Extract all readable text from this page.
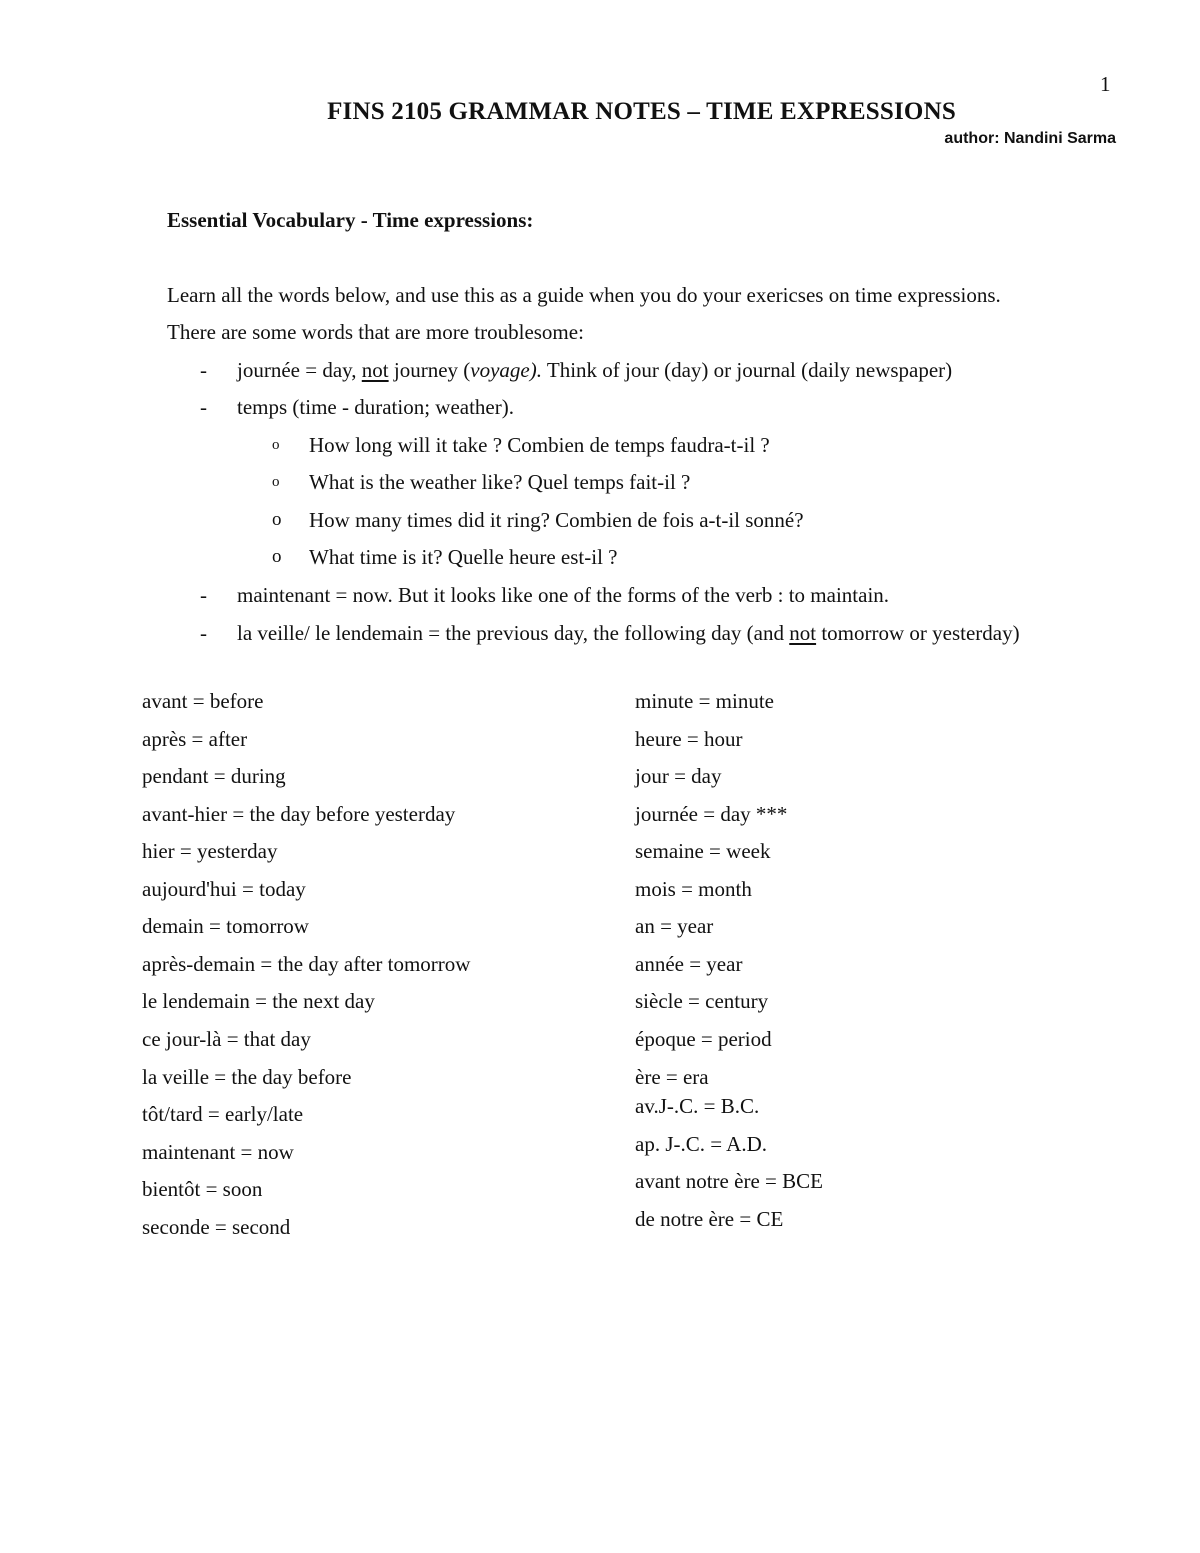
1
FINS 2105 GRAMMAR NOTES – TIME EXPRESSIONS
author: Nandini Sarma
Essential Vocabulary - Time expressions:
Learn all the words below, and use this as a guide when you do your exericses on time expressions.
There are some words that are more troublesome:
- journée = day, not journey (voyage). Think of jour (day) or journal (daily newspaper)
- temps (time - duration; weather).
o How long will it take ? Combien de temps faudra-t-il ?
o What is the weather like? Quel temps fait-il ?
o How many times did it ring? Combien de fois a-t-il sonné?
o What time is it? Quelle heure est-il ?
- maintenant = now. But it looks like one of the forms of the verb : to maintain.
- la veille/ le lendemain = the previous day, the following day (and not tomorrow or yesterday)
avant = before
après = after
pendant = during
avant-hier = the day before yesterday
hier = yesterday
aujourd'hui = today
demain = tomorrow
après-demain = the day after tomorrow
le lendemain = the next day
ce jour-là = that day
la veille = the day before
tôt/tard = early/late
maintenant = now
bientôt = soon
seconde = second
minute = minute
heure = hour
jour = day
journée = day ***
semaine = week
mois = month
an = year
année = year
siècle = century
époque = period
ère = era
av.J-.C. = B.C.
ap. J-.C. = A.D.
avant notre ère = BCE
de notre ère = CE
